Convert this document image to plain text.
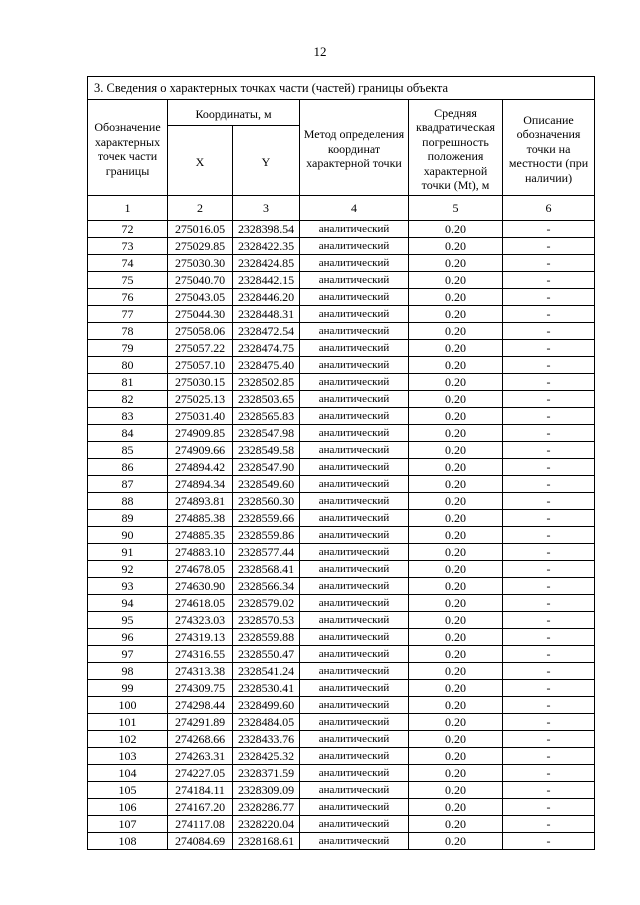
12
3. Сведения о характерных точках части (частей) границы объекта					
Обозначение характерных точек части границы	Координаты, м		Метод определения координат характерной точки	Средняя квадратическая погрешность положения характерной точки (Mt), м	Описание обозначения точки на местности (при наличии)
	X	Y			
1	2	3	4	5	6
72	275016.05	2328398.54	аналитический	0.20	-
73	275029.85	2328422.35	аналитический	0.20	-
74	275030.30	2328424.85	аналитический	0.20	-
75	275040.70	2328442.15	аналитический	0.20	-
76	275043.05	2328446.20	аналитический	0.20	-
77	275044.30	2328448.31	аналитический	0.20	-
78	275058.06	2328472.54	аналитический	0.20	-
79	275057.22	2328474.75	аналитический	0.20	-
80	275057.10	2328475.40	аналитический	0.20	-
81	275030.15	2328502.85	аналитический	0.20	-
82	275025.13	2328503.65	аналитический	0.20	-
83	275031.40	2328565.83	аналитический	0.20	-
84	274909.85	2328547.98	аналитический	0.20	-
85	274909.66	2328549.58	аналитический	0.20	-
86	274894.42	2328547.90	аналитический	0.20	-
87	274894.34	2328549.60	аналитический	0.20	-
88	274893.81	2328560.30	аналитический	0.20	-
89	274885.38	2328559.66	аналитический	0.20	-
90	274885.35	2328559.86	аналитический	0.20	-
91	274883.10	2328577.44	аналитический	0.20	-
92	274678.05	2328568.41	аналитический	0.20	-
93	274630.90	2328566.34	аналитический	0.20	-
94	274618.05	2328579.02	аналитический	0.20	-
95	274323.03	2328570.53	аналитический	0.20	-
96	274319.13	2328559.88	аналитический	0.20	-
97	274316.55	2328550.47	аналитический	0.20	-
98	274313.38	2328541.24	аналитический	0.20	-
99	274309.75	2328530.41	аналитический	0.20	-
100	274298.44	2328499.60	аналитический	0.20	-
101	274291.89	2328484.05	аналитический	0.20	-
102	274268.66	2328433.76	аналитический	0.20	-
103	274263.31	2328425.32	аналитический	0.20	-
104	274227.05	2328371.59	аналитический	0.20	-
105	274184.11	2328309.09	аналитический	0.20	-
106	274167.20	2328286.77	аналитический	0.20	-
107	274117.08	2328220.04	аналитический	0.20	-
108	274084.69	2328168.61	аналитический	0.20	-
